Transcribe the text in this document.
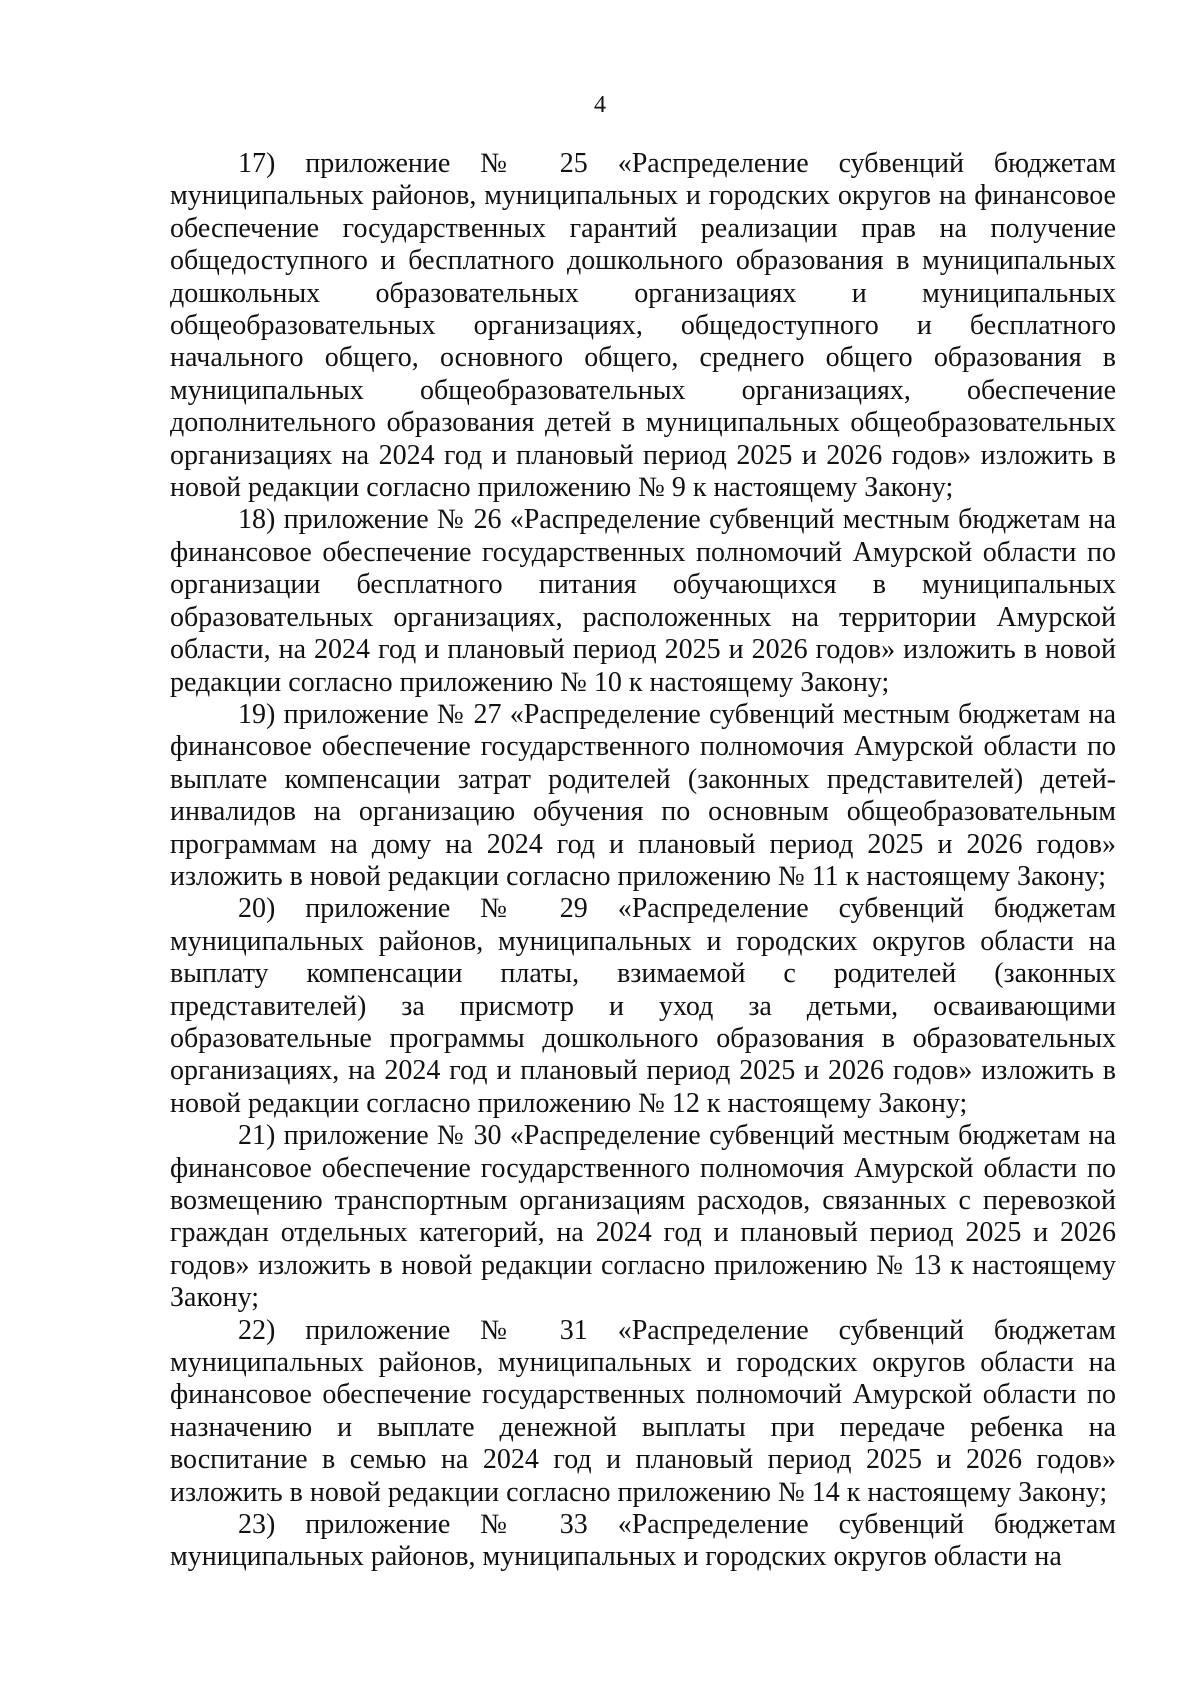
4

17) приложение № 25 «Распределение субвенций бюджетам муниципальных районов, муниципальных и городских округов на финансовое обеспечение государственных гарантий реализации прав на получение общедоступного и бесплатного дошкольного образования в муниципальных дошкольных образовательных организациях и муниципальных общеобразовательных организациях, общедоступного и бесплатного начального общего, основного общего, среднего общего образования в муниципальных общеобразовательных организациях, обеспечение дополнительного образования детей в муниципальных общеобразовательных организациях на 2024 год и плановый период 2025 и 2026 годов» изложить в новой редакции согласно приложению № 9 к настоящему Закону;

18) приложение № 26 «Распределение субвенций местным бюджетам на финансовое обеспечение государственных полномочий Амурской области по организации бесплатного питания обучающихся в муниципальных образовательных организациях, расположенных на территории Амурской области, на 2024 год и плановый период 2025 и 2026 годов» изложить в новой редакции согласно приложению № 10 к настоящему Закону;

19) приложение № 27 «Распределение субвенций местным бюджетам на финансовое обеспечение государственного полномочия Амурской области по выплате компенсации затрат родителей (законных представителей) детей-инвалидов на организацию обучения по основным общеобразовательным программам на дому на 2024 год и плановый период 2025 и 2026 годов» изложить в новой редакции согласно приложению № 11 к настоящему Закону;

20) приложение № 29 «Распределение субвенций бюджетам муниципальных районов, муниципальных и городских округов области на выплату компенсации платы, взимаемой с родителей (законных представителей) за присмотр и уход за детьми, осваивающими образовательные программы дошкольного образования в образовательных организациях, на 2024 год и плановый период 2025 и 2026 годов» изложить в новой редакции согласно приложению № 12 к настоящему Закону;

21) приложение № 30 «Распределение субвенций местным бюджетам на финансовое обеспечение государственного полномочия Амурской области по возмещению транспортным организациям расходов, связанных с перевозкой граждан отдельных категорий, на 2024 год и плановый период 2025 и 2026 годов» изложить в новой редакции согласно приложению № 13 к настоящему Закону;

22) приложение № 31 «Распределение субвенций бюджетам муниципальных районов, муниципальных и городских округов области на финансовое обеспечение государственных полномочий Амурской области по назначению и выплате денежной выплаты при передаче ребенка на воспитание в семью на 2024 год и плановый период 2025 и 2026 годов» изложить в новой редакции согласно приложению № 14 к настоящему Закону;

23) приложение № 33 «Распределение субвенций бюджетам муниципальных районов, муниципальных и городских округов области на
